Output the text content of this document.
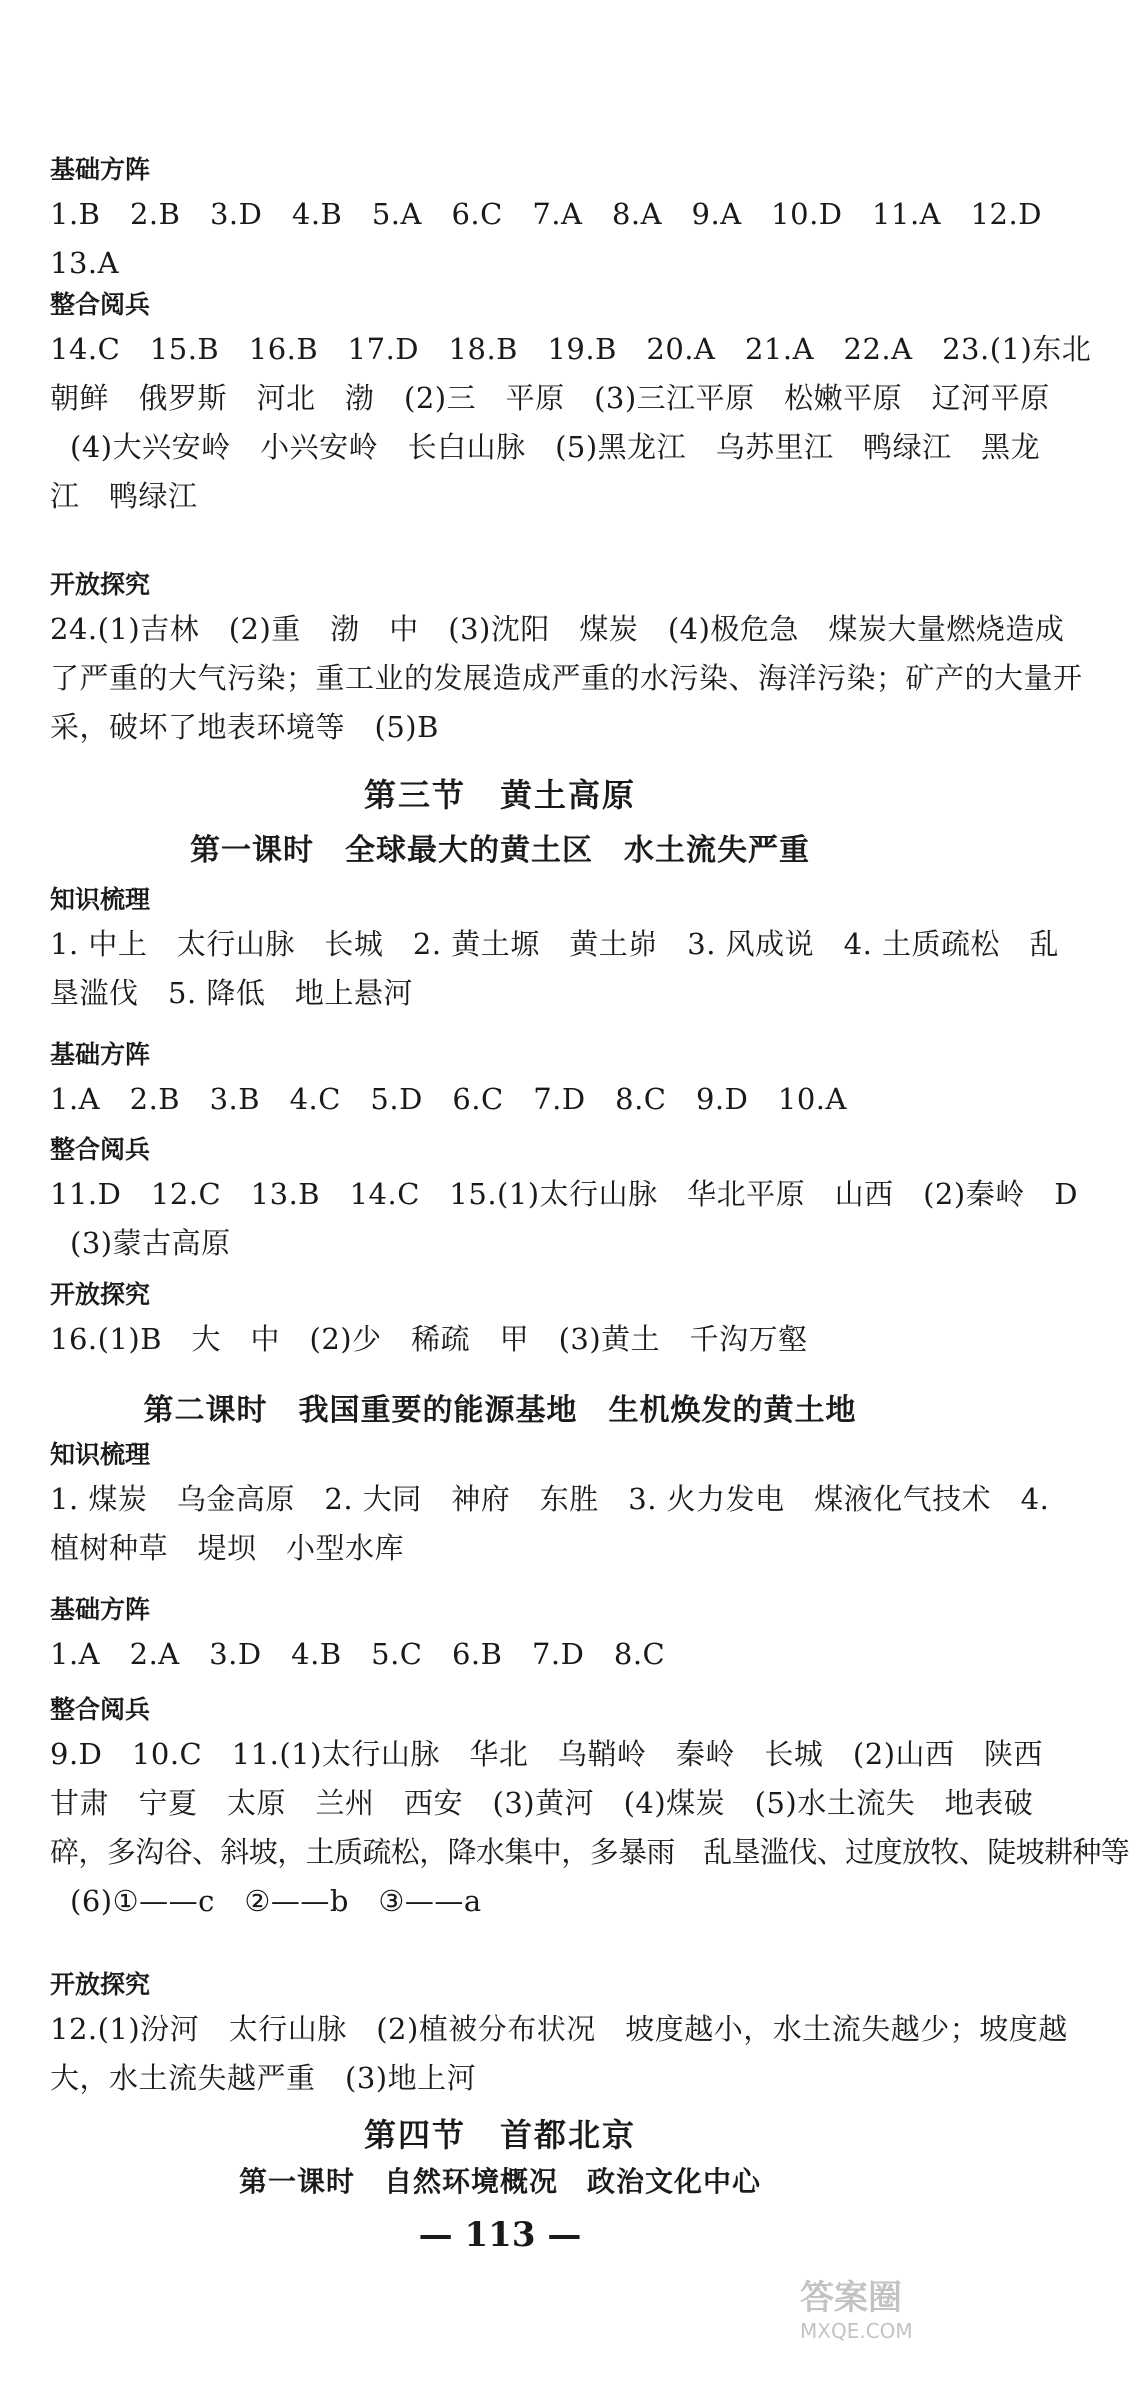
基础方阵
1.B　2.B　3.D　4.B　5.A　6.C　7.A　8.A　9.A　10.D　11.A　12.D
13.A
整合阅兵
14.C　15.B　16.B　17.D　18.B　19.B　20.A　21.A　22.A　23.(1)东北
朝鲜　俄罗斯　河北　渤　(2)三　平原　(3)三江平原　松嫩平原　辽河平原
(4)大兴安岭　小兴安岭　长白山脉　(5)黑龙江　乌苏里江　鸭绿江　黑龙
江　鸭绿江
开放探究
24.(1)吉林　(2)重　渤　中　(3)沈阳　煤炭　(4)极危急　煤炭大量燃烧造成
了严重的大气污染；重工业的发展造成严重的水污染、海洋污染；矿产的大量开
采，破坏了地表环境等　(5)B
第三节　黄土高原
第一课时　全球最大的黄土区　水土流失严重
知识梳理
1. 中上　太行山脉　长城　2. 黄土塬　黄土峁　3. 风成说　4. 土质疏松　乱
垦滥伐　5. 降低　地上悬河
基础方阵
1.A　2.B　3.B　4.C　5.D　6.C　7.D　8.C　9.D　10.A
整合阅兵
11.D　12.C　13.B　14.C　15.(1)太行山脉　华北平原　山西　(2)秦岭　D
(3)蒙古高原
开放探究
16.(1)B　大　中　(2)少　稀疏　甲　(3)黄土　千沟万壑
第二课时　我国重要的能源基地　生机焕发的黄土地
知识梳理
1. 煤炭　乌金高原　2. 大同　神府　东胜　3. 火力发电　煤液化气技术　4.
植树种草　堤坝　小型水库
基础方阵
1.A　2.A　3.D　4.B　5.C　6.B　7.D　8.C
整合阅兵
9.D　10.C　11.(1)太行山脉　华北　乌鞘岭　秦岭　长城　(2)山西　陕西
甘肃　宁夏　太原　兰州　西安　(3)黄河　(4)煤炭　(5)水土流失　地表破
碎，多沟谷、斜坡，土质疏松，降水集中，多暴雨　乱垦滥伐、过度放牧、陡坡耕种等
(6)①——c　②——b　③——a
开放探究
12.(1)汾河　太行山脉　(2)植被分布状况　坡度越小，水土流失越少；坡度越
大，水土流失越严重　(3)地上河
第四节　首都北京
第一课时　自然环境概况　政治文化中心
— 113 —
答案圈
MXQE.COM
